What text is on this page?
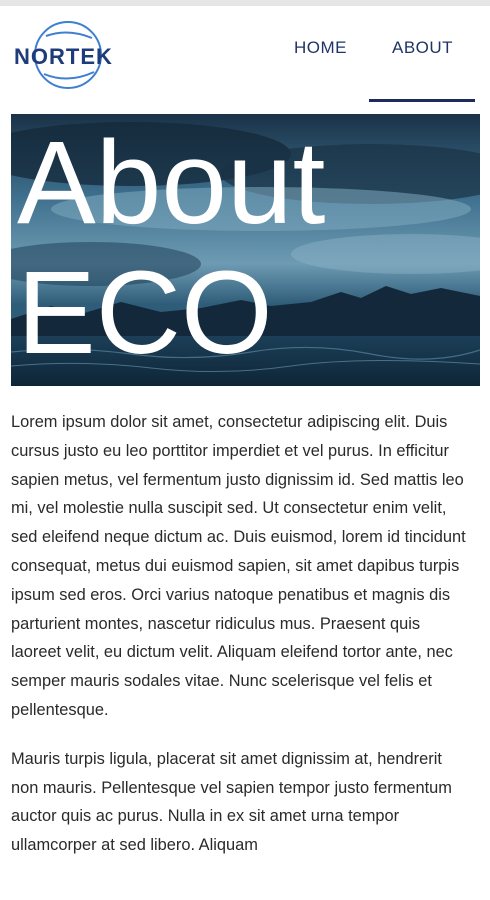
NORTEK	HOME	ABOUT
About
ECO

Lorem ipsum dolor sit amet, consectetur adipiscing elit. Duis cursus justo eu leo porttitor imperdiet et vel purus. In efficitur sapien metus, vel fermentum justo dignissim id. Sed mattis leo mi, vel molestie nulla suscipit sed. Ut consectetur enim velit, sed eleifend neque dictum ac. Duis euismod, lorem id tincidunt consequat, metus dui euismod sapien, sit amet dapibus turpis ipsum sed eros. Orci varius natoque penatibus et magnis dis parturient montes, nascetur ridiculus mus. Praesent quis laoreet velit, eu dictum velit. Aliquam eleifend tortor ante, nec semper mauris sodales vitae. Nunc scelerisque vel felis et pellentesque.

Mauris turpis ligula, placerat sit amet dignissim at, hendrerit non mauris. Pellentesque vel sapien tempor justo fermentum auctor quis ac purus. Nulla in ex sit amet urna tempor ullamcorper at sed libero. Aliquam
